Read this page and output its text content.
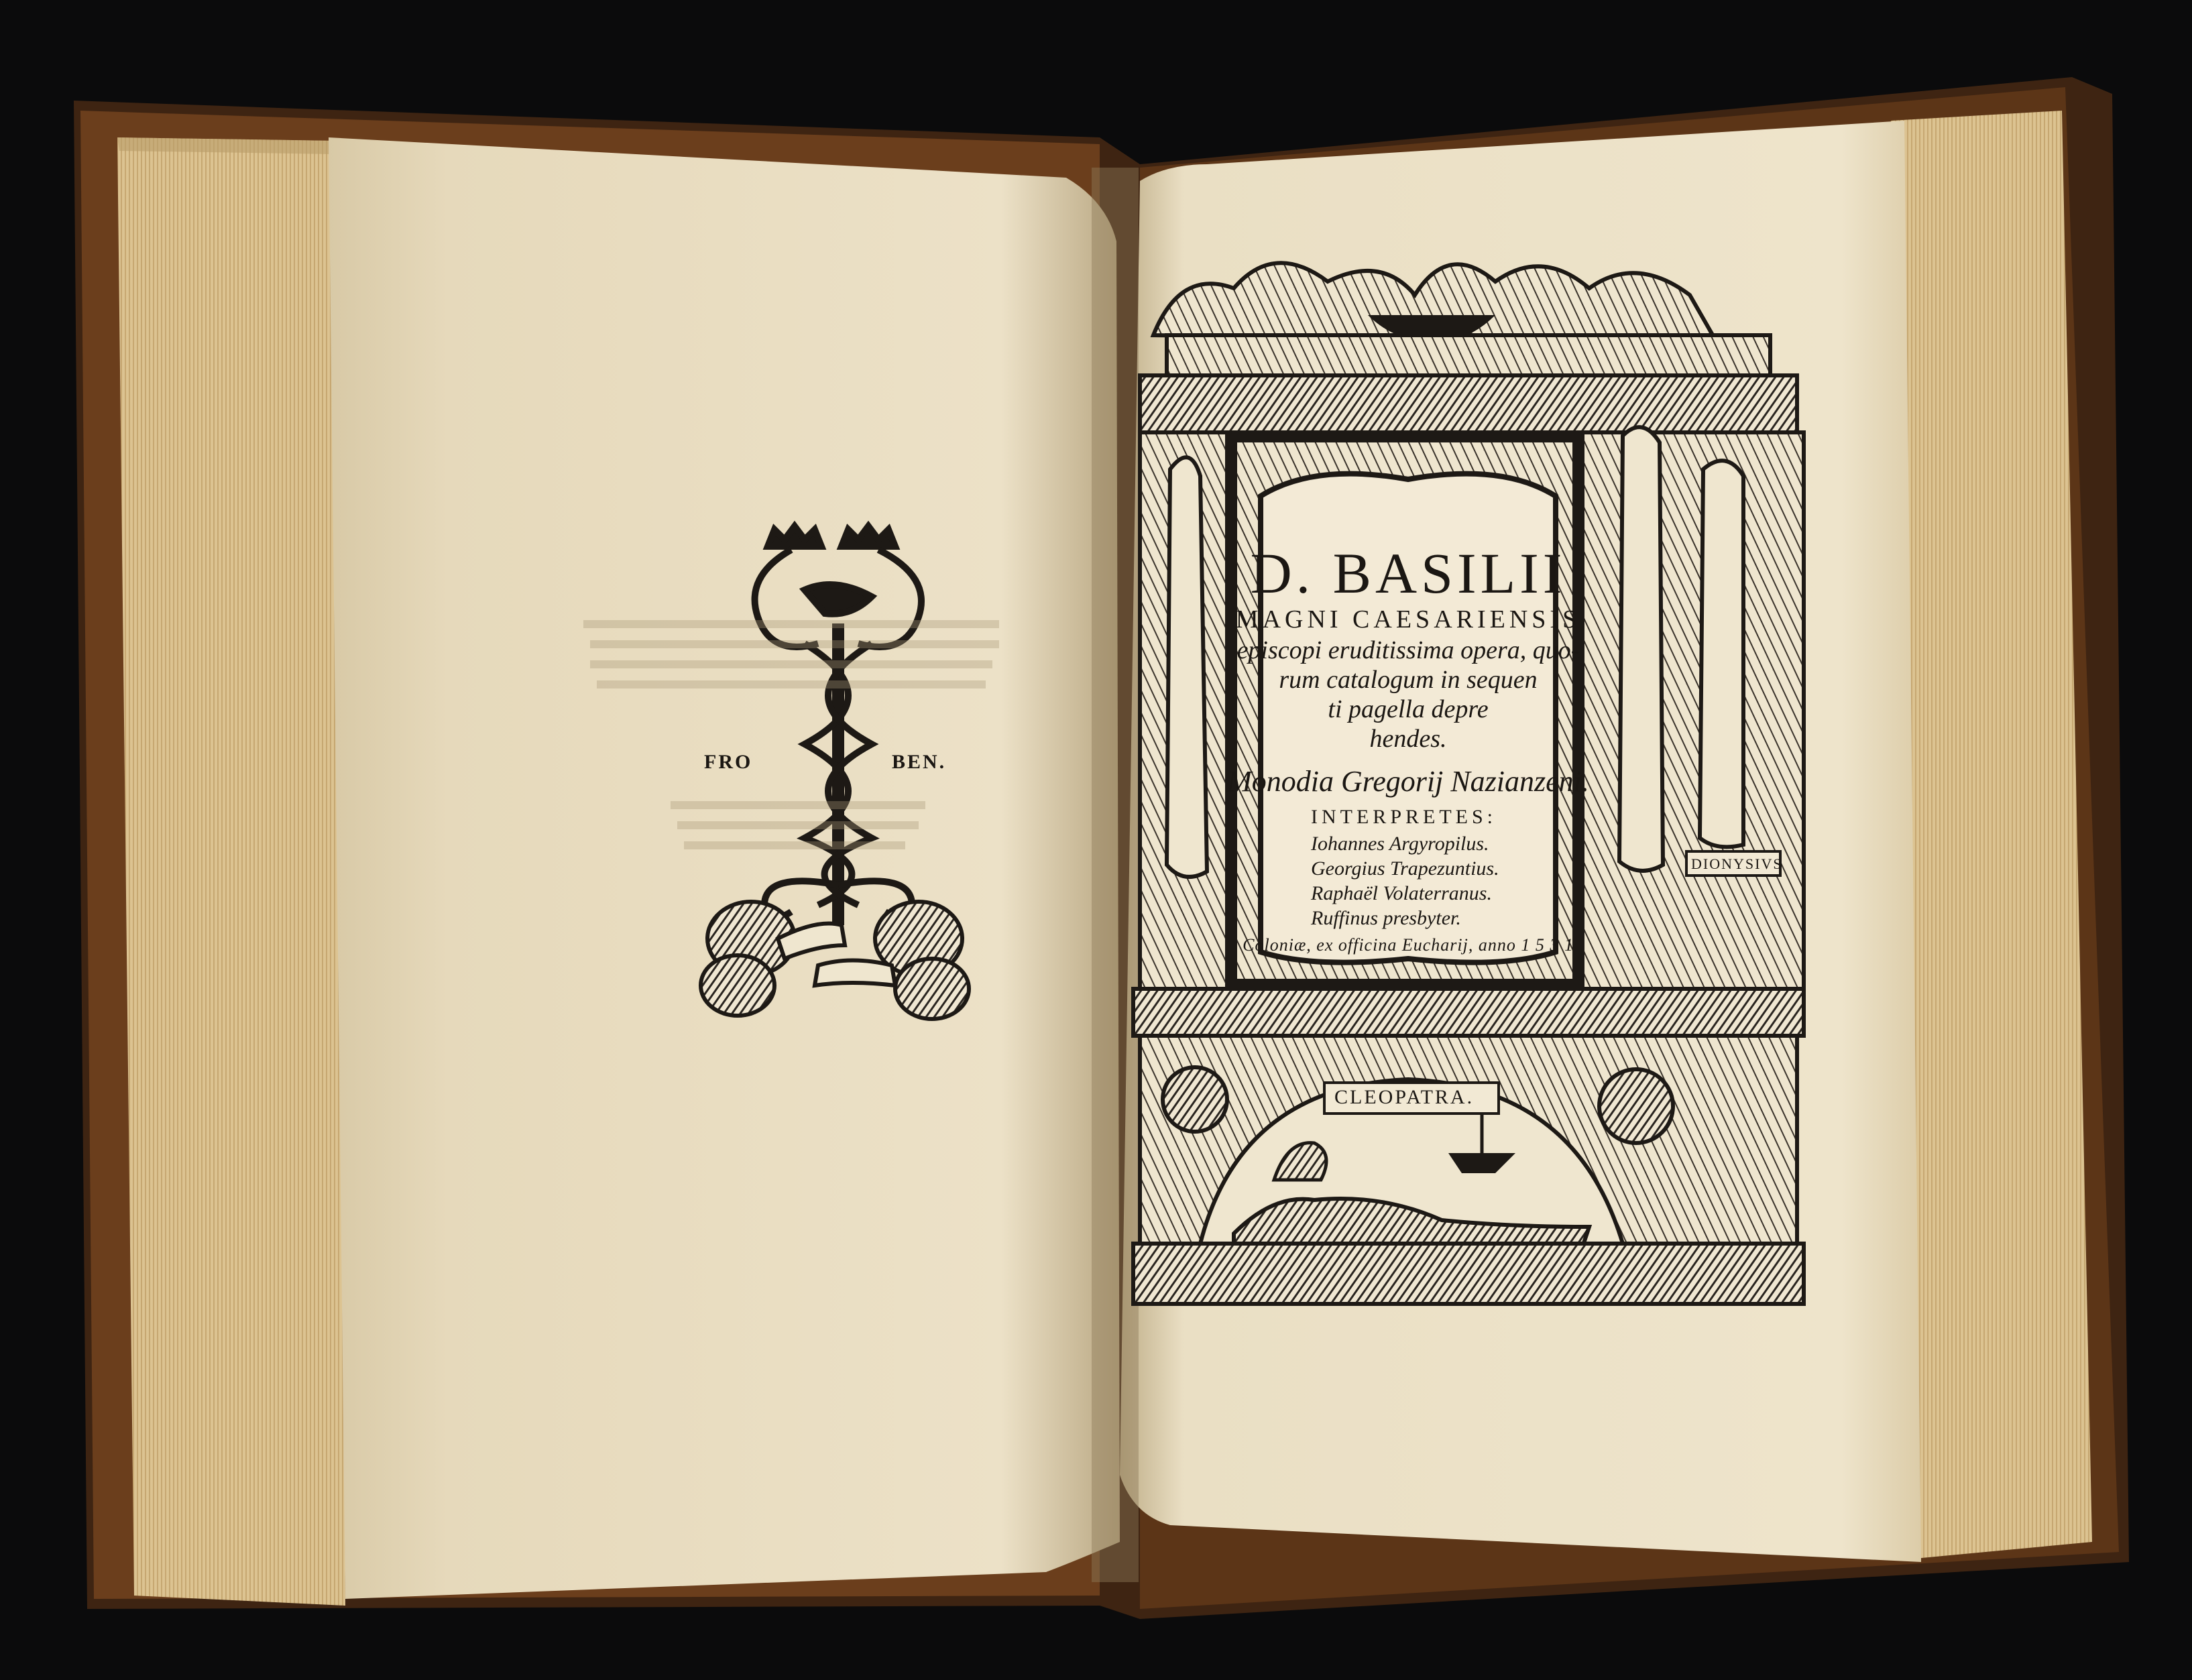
FRO	BEN.
D. BASILII
MAGNI CAESARIENSIS
episcopi eruditissima opera, quo-
rum catalogum in sequen
ti pagella depre
hendes.
Monodia Gregorij Nazianzeni.
INTERPRETES:
Iohannes Argyropilus.
Georgius Trapezuntius.
Raphaël Volaterranus.
Ruffinus presbyter.
Coloniæ, ex officina Eucharij, anno 1 5 3 1
CLEOPATRA.
DIONYSIVS
